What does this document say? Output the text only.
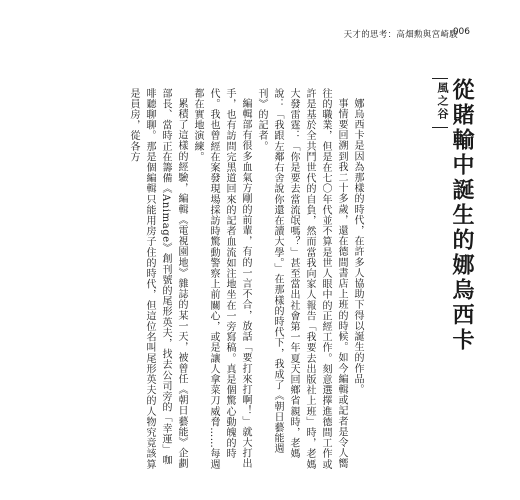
天才的思考：高畑勲與宮崎駿
006
風之谷 從賭輸中誕生的娜烏西卡

娜烏西卡是因為那樣的時代，在許多人協助下得以誕生的作品。

事情要回溯到我二十多歲，還在德間書店上班的時候。如今編輯或記者是令人嚮往的職業，但是在七〇年代並不算是世人眼中的正經工作。刻意選擇進德間工作或許是基於全共鬥世代的自負，然而當我向家人報告「我要去出版社上班」時，老媽大發雷霆：「你是要去當流氓嗎？」甚至當出社會第一年夏天回鄉省親時，老媽說：「我跟左鄰右舍說你還在讀大學。」在那樣的時代下，我成了《朝日藝能週刊》的記者。

編輯部有很多血氣方剛的前輩，有的一言不合，放話「要打來打啊！」就大打出手，也有訪問完黑道回來的記者血流如注地坐在一旁寫稿。真是個驚心動魄的時代。我也曾經在案發現場採訪時驚動警察上前關心，或是讓人拿菜刀威脅……每週都在實地演練。

累積了這樣的經驗，編輯《電視園地》雜誌的某一天，被曾任《朝日藝能》企劃部長、當時正在籌備《Animage》創刊號的尾形英夫，找去公司旁的「幸運」咖啡聽聊聊。那是個編輯只能用房子住的時代，但這位名叫尾形英夫的人物究竟該算是員房，從各方
